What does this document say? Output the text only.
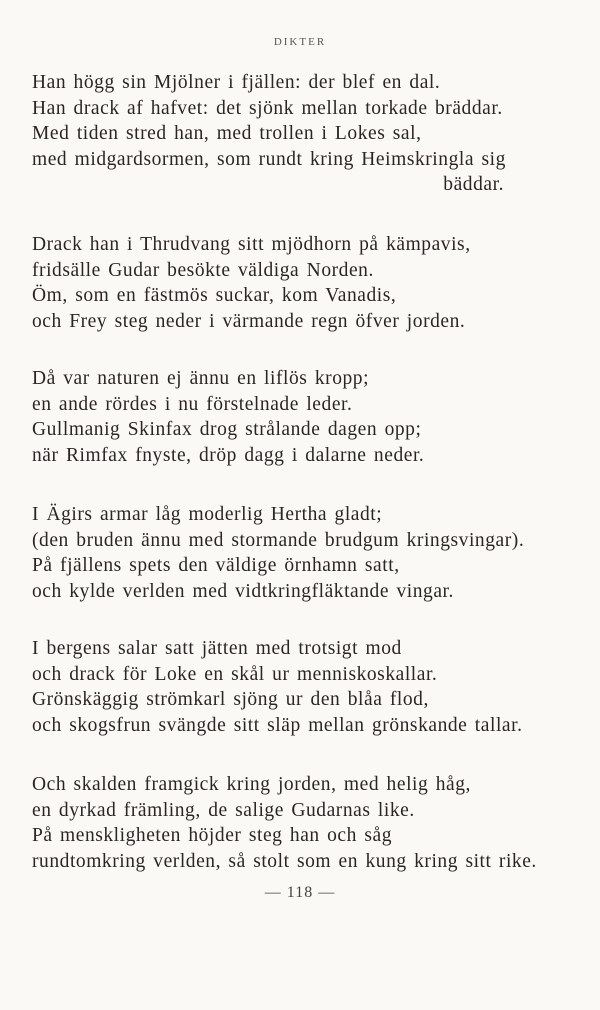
DIKTER
Han högg sin Mjölner i fjällen: der blef en dal.
Han drack af hafvet: det sjönk mellan torkade bräddar.
Med tiden stred han, med trollen i Lokes sal,
med midgardsormen, som rundt kring Heimskringla sig
bäddar.
Drack han i Thrudvang sitt mjödhorn på kämpavis,
fridsälle Gudar besökte väldiga Norden.
Öm, som en fästmös suckar, kom Vanadis,
och Frey steg neder i värmande regn öfver jorden.
Då var naturen ej ännu en liflös kropp;
en ande rördes i nu förstelnade leder.
Gullmanig Skinfax drog strålande dagen opp;
när Rimfax fnyste, dröp dagg i dalarne neder.
I Ägirs armar låg moderlig Hertha gladt;
(den bruden ännu med stormande brudgum kringsvingar).
På fjällens spets den väldige örnhamn satt,
och kylde verlden med vidtkringfläktande vingar.
I bergens salar satt jätten med trotsigt mod
och drack för Loke en skål ur menniskoskallar.
Grönskäggig strömkarl sjöng ur den blåa flod,
och skogsfrun svängde sitt släp mellan grönskande tallar.
Och skalden framgick kring jorden, med helig håg,
en dyrkad främling, de salige Gudarnas like.
På menskligheten höjder steg han och såg
rundtomkring verlden, så stolt som en kung kring sitt rike.
— 118 —
